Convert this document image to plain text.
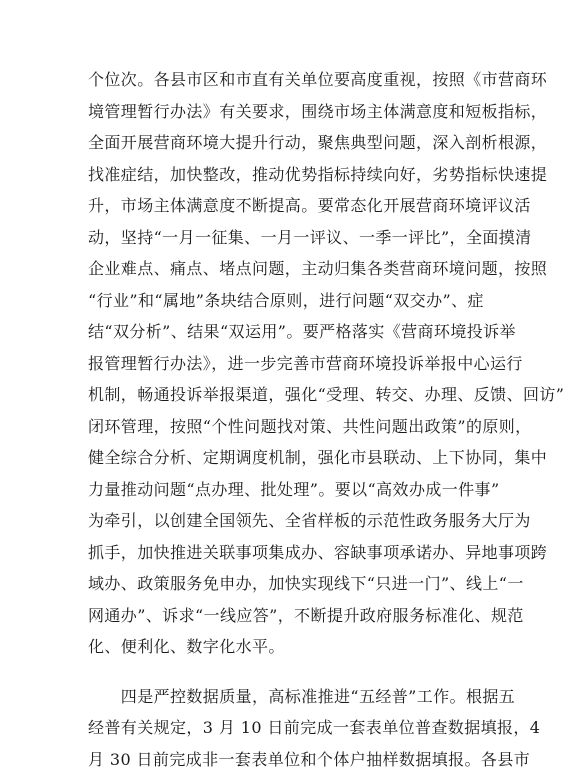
个位次。各县市区和市直有关单位要高度重视，按照《市营商环
境管理暂行办法》有关要求，围绕市场主体满意度和短板指标，
全面开展营商环境大提升行动，聚焦典型问题，深入剖析根源，
找准症结，加快整改，推动优势指标持续向好，劣势指标快速提
升，市场主体满意度不断提高。要常态化开展营商环境评议活
动，坚持“一月一征集、一月一评议、一季一评比”，全面摸清
企业难点、痛点、堵点问题，主动归集各类营商环境问题，按照
“行业”和“属地”条块结合原则，进行问题“双交办”、症
结“双分析”、结果“双运用”。要严格落实《营商环境投诉举
报管理暂行办法》，进一步完善市营商环境投诉举报中心运行
机制，畅通投诉举报渠道，强化“受理、转交、办理、反馈、回访”
闭环管理，按照“个性问题找对策、共性问题出政策”的原则，
健全综合分析、定期调度机制，强化市县联动、上下协同，集中
力量推动问题“点办理、批处理”。要以“高效办成一件事”
为牵引，以创建全国领先、全省样板的示范性政务服务大厅为
抓手，加快推进关联事项集成办、容缺事项承诺办、异地事项跨
域办、政策服务免申办，加快实现线下“只进一门”、线上“一
网通办”、诉求“一线应答”，不断提升政府服务标准化、规范
化、便利化、数字化水平。
　　四是严控数据质量，高标准推进“五经普”工作。根据五
经普有关规定，3 月 10 日前完成一套表单位普查数据填报，4
月 30 日前完成非一套表单位和个体户抽样数据填报。各县市
